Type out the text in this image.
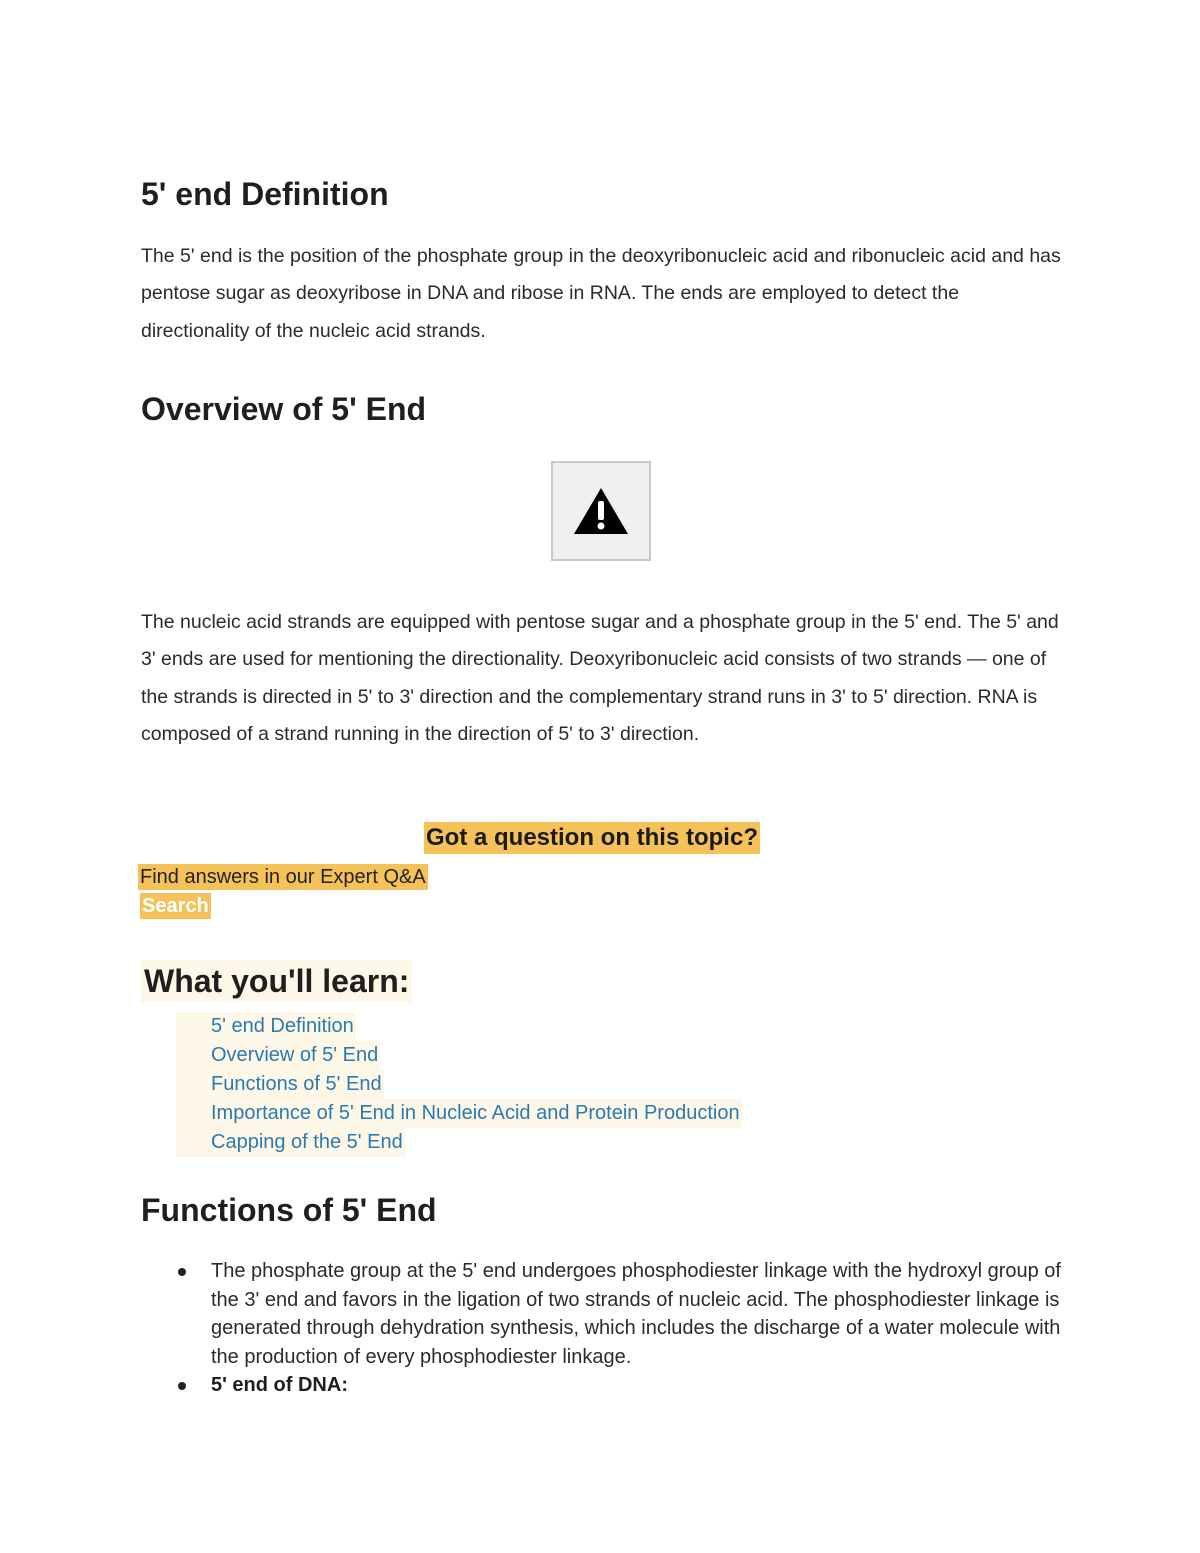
5' end Definition

The 5' end is the position of the phosphate group in the deoxyribonucleic acid and ribonucleic acid and has pentose sugar as deoxyribose in DNA and ribose in RNA. The ends are employed to detect the directionality of the nucleic acid strands.

Overview of 5' End

The nucleic acid strands are equipped with pentose sugar and a phosphate group in the 5' end. The 5' and 3' ends are used for mentioning the directionality. Deoxyribonucleic acid consists of two strands — one of the strands is directed in 5' to 3' direction and the complementary strand runs in 3' to 5' direction. RNA is composed of a strand running in the direction of 5' to 3' direction.

Got a question on this topic?
Find answers in our Expert Q&A
Search
What you'll learn:
5' end Definition
Overview of 5' End
Functions of 5' End
Importance of 5' End in Nucleic Acid and Protein Production
Capping of the 5' End
Functions of 5' End
The phosphate group at the 5' end undergoes phosphodiester linkage with the hydroxyl group of the 3' end and favors in the ligation of two strands of nucleic acid. The phosphodiester linkage is generated through dehydration synthesis, which includes the discharge of a water molecule with the production of every phosphodiester linkage.
5' end of DNA:
